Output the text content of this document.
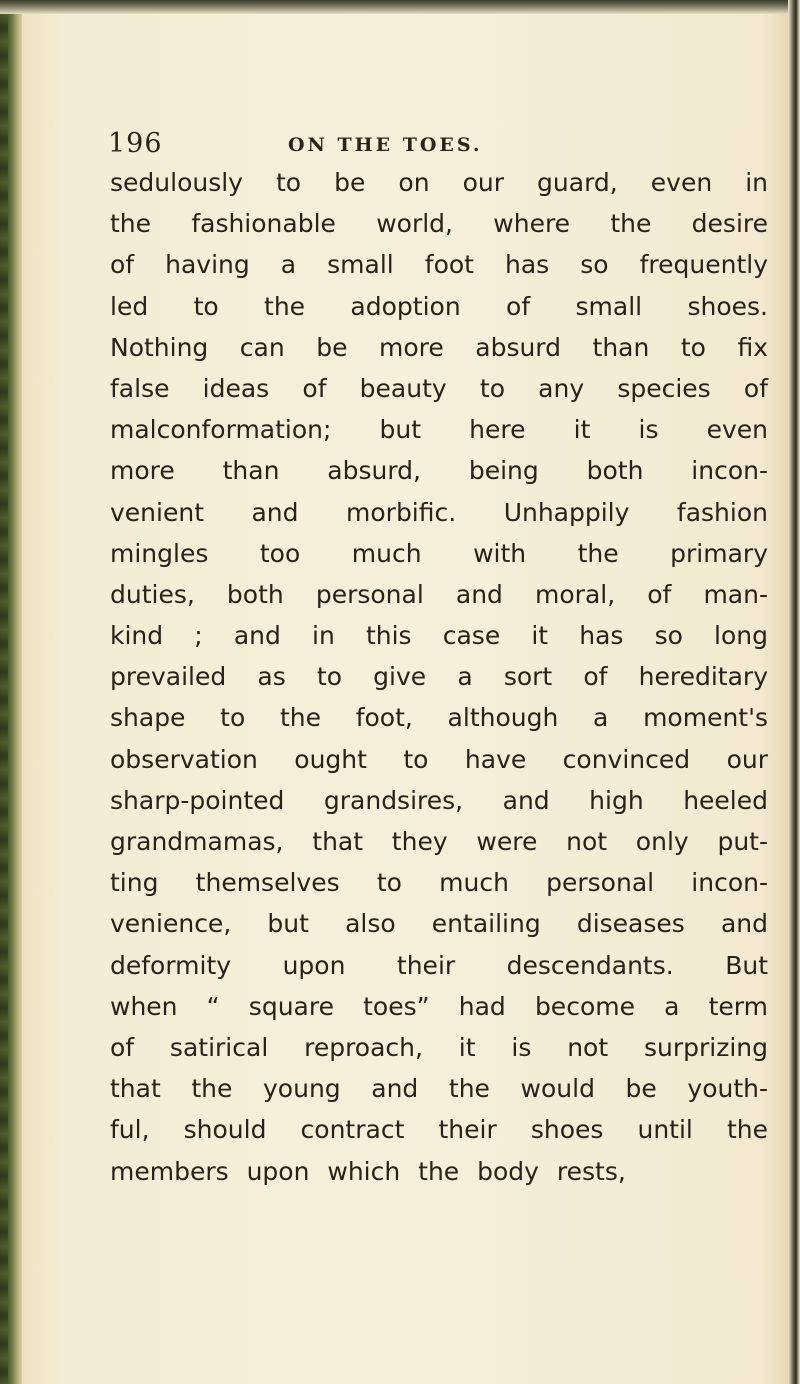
196	ON THE TOES.
sedulously to be on our guard, even in
the fashionable world, where the desire
of having a small foot has so frequently
led to the adoption of small shoes.
Nothing can be more absurd than to fix
false ideas of beauty to any species of
malconformation; but here it is even
more than absurd, being both incon-
venient and morbific. Unhappily fashion
mingles too much with the primary
duties, both personal and moral, of man-
kind ; and in this case it has so long
prevailed as to give a sort of hereditary
shape to the foot, although a moment's
observation ought to have convinced our
sharp-pointed grandsires, and high heeled
grandmamas, that they were not only put-
ting themselves to much personal incon-
venience, but also entailing diseases and
deformity upon their descendants. But
when “ square toes” had become a term
of satirical reproach, it is not surprizing
that the young and the would be youth-
ful, should contract their shoes until the
members upon which the body rests,
